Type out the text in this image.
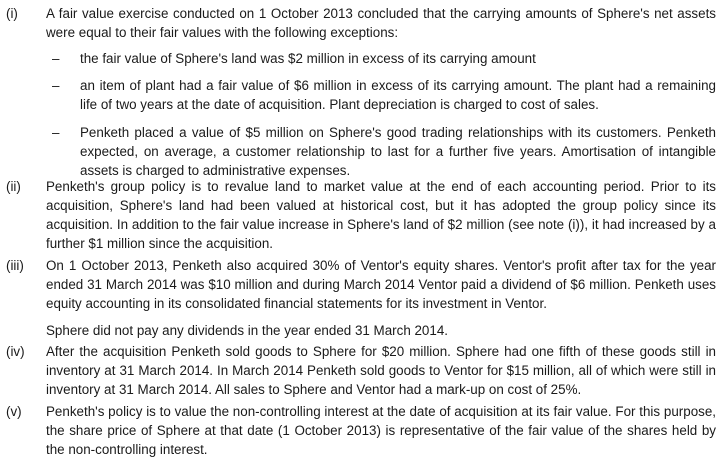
(i)	A fair value exercise conducted on 1 October 2013 concluded that the carrying amounts of Sphere's net assets were equal to their fair values with the following exceptions:

– the fair value of Sphere's land was $2 million in excess of its carrying amount
– an item of plant had a fair value of $6 million in excess of its carrying amount. The plant had a remaining life of two years at the date of acquisition. Plant depreciation is charged to cost of sales.
– Penketh placed a value of $5 million on Sphere's good trading relationships with its customers. Penketh expected, on average, a customer relationship to last for a further five years. Amortisation of intangible assets is charged to administrative expenses.
(ii)	Penketh's group policy is to revalue land to market value at the end of each accounting period. Prior to its acquisition, Sphere's land had been valued at historical cost, but it has adopted the group policy since its acquisition. In addition to the fair value increase in Sphere's land of $2 million (see note (i)), it had increased by a further $1 million since the acquisition.

(iii)	On 1 October 2013, Penketh also acquired 30% of Ventor's equity shares. Ventor's profit after tax for the year ended 31 March 2014 was $10 million and during March 2014 Ventor paid a dividend of $6 million. Penketh uses equity accounting in its consolidated financial statements for its investment in Ventor.

Sphere did not pay any dividends in the year ended 31 March 2014.

(iv)	After the acquisition Penketh sold goods to Sphere for $20 million. Sphere had one fifth of these goods still in inventory at 31 March 2014. In March 2014 Penketh sold goods to Ventor for $15 million, all of which were still in inventory at 31 March 2014. All sales to Sphere and Ventor had a mark-up on cost of 25%.

(v)	Penketh's policy is to value the non-controlling interest at the date of acquisition at its fair value. For this purpose, the share price of Sphere at that date (1 October 2013) is representative of the fair value of the shares held by the non-controlling interest.
